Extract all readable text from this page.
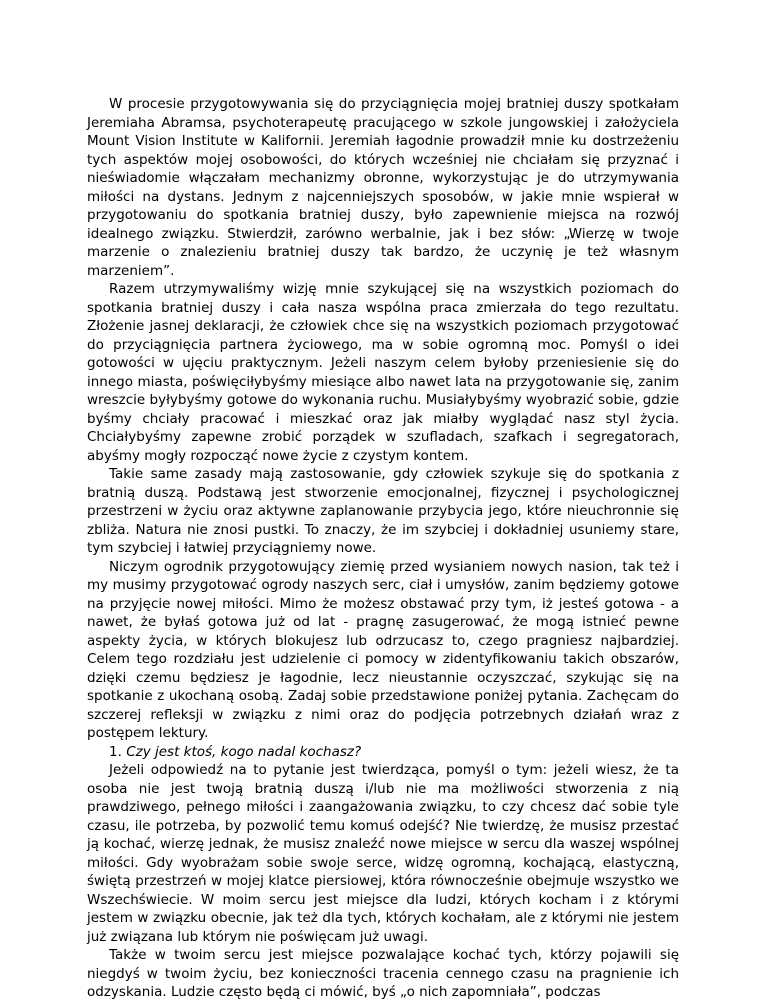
W procesie przygotowywania się do przyciągnięcia mojej bratniej duszy spotkałam Jeremiaha Abramsa, psychoterapeutę pracującego w szkole jungowskiej i założyciela Mount Vision Institute w Kalifornii. Jeremiah łagodnie prowadził mnie ku dostrzeżeniu tych aspektów mojej osobowości, do których wcześniej nie chciałam się przyznać i nieświadomie włączałam mechanizmy obronne, wykorzystując je do utrzymywania miłości na dystans. Jednym z najcenniejszych sposobów, w jakie mnie wspierał w przygotowaniu do spotkania bratniej duszy, było zapewnienie miejsca na rozwój idealnego związku. Stwierdził, zarówno werbalnie, jak i bez słów: „Wierzę w twoje marzenie o znalezieniu bratniej duszy tak bardzo, że uczynię je też własnym marzeniem”.

Razem utrzymywaliśmy wizję mnie szykującej się na wszystkich poziomach do spotkania bratniej duszy i cała nasza wspólna praca zmierzała do tego rezultatu. Złożenie jasnej deklaracji, że człowiek chce się na wszystkich poziomach przygotować do przyciągnięcia partnera życiowego, ma w sobie ogromną moc. Pomyśl o idei gotowości w ujęciu praktycznym. Jeżeli naszym celem byłoby przeniesienie się do innego miasta, poświęciłybyśmy miesiące albo nawet lata na przygotowanie się, zanim wreszcie byłybyśmy gotowe do wykonania ruchu. Musiałybyśmy wyobrazić sobie, gdzie byśmy chciały pracować i mieszkać oraz jak miałby wyglądać nasz styl życia. Chciałybyśmy zapewne zrobić porządek w szufladach, szafkach i segregatorach, abyśmy mogły rozpocząć nowe życie z czystym kontem.

Takie same zasady mają zastosowanie, gdy człowiek szykuje się do spotkania z bratnią duszą. Podstawą jest stworzenie emocjonalnej, fizycznej i psychologicznej przestrzeni w życiu oraz aktywne zaplanowanie przybycia jego, które nieuchronnie się zbliża. Natura nie znosi pustki. To znaczy, że im szybciej i dokładniej usuniemy stare, tym szybciej i łatwiej przyciągniemy nowe.

Niczym ogrodnik przygotowujący ziemię przed wysianiem nowych nasion, tak też i my musimy przygotować ogrody naszych serc, ciał i umysłów, zanim będziemy gotowe na przyjęcie nowej miłości. Mimo że możesz obstawać przy tym, iż jesteś gotowa - a nawet, że byłaś gotowa już od lat - pragnę zasugerować, że mogą istnieć pewne aspekty życia, w których blokujesz lub odrzucasz to, czego pragniesz najbardziej. Celem tego rozdziału jest udzielenie ci pomocy w zidentyfikowaniu takich obszarów, dzięki czemu będziesz je łagodnie, lecz nieustannie oczyszczać, szykując się na spotkanie z ukochaną osobą. Zadaj sobie przedstawione poniżej pytania. Zachęcam do szczerej refleksji w związku z nimi oraz do podjęcia potrzebnych działań wraz z postępem lektury.

1. Czy jest ktoś, kogo nadal kochasz?

Jeżeli odpowiedź na to pytanie jest twierdząca, pomyśl o tym: jeżeli wiesz, że ta osoba nie jest twoją bratnią duszą i/lub nie ma możliwości stworzenia z nią prawdziwego, pełnego miłości i zaangażowania związku, to czy chcesz dać sobie tyle czasu, ile potrzeba, by pozwolić temu komuś odejść? Nie twierdzę, że musisz przestać ją kochać, wierzę jednak, że musisz znaleźć nowe miejsce w sercu dla waszej wspólnej miłości. Gdy wyobrażam sobie swoje serce, widzę ogromną, kochającą, elastyczną, świętą przestrzeń w mojej klatce piersiowej, która równocześnie obejmuje wszystko we Wszechświecie. W moim sercu jest miejsce dla ludzi, których kocham i z którymi jestem w związku obecnie, jak też dla tych, których kochałam, ale z którymi nie jestem już związana lub którym nie poświęcam już uwagi.

Także w twoim sercu jest miejsce pozwalające kochać tych, którzy pojawili się niegdyś w twoim życiu, bez konieczności tracenia cennego czasu na pragnienie ich odzyskania. Ludzie często będą ci mówić, byś „o nich zapomniała”, podczas
